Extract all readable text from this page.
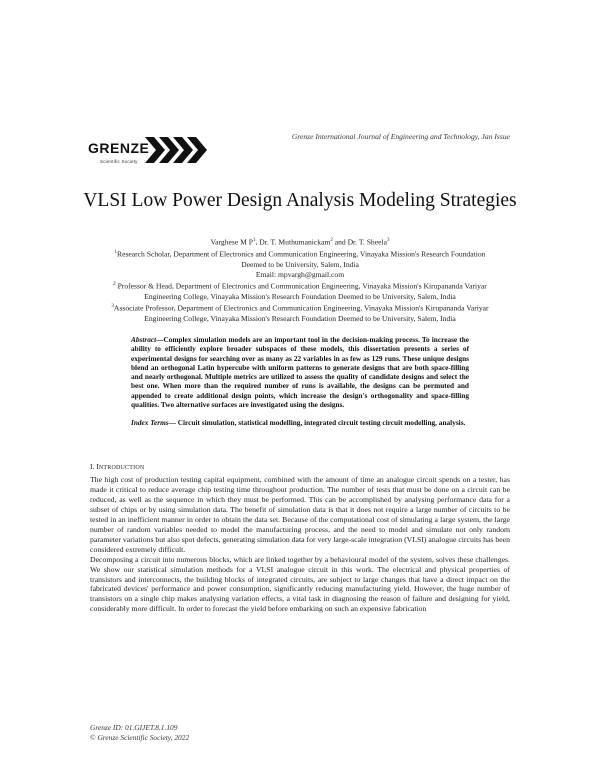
GRENZE
Scientific Society
Grenze International Journal of Engineering and Technology, Jan Issue
VLSI Low Power Design Analysis Modeling Strategies

Varghese M $P^1$, Dr. T. Muthumanickam$^2$ and Dr. T. Sheela$^3$

$^1$Research Scholar, Department of Electronics and Communication Engineering, Vinayaka Mission's Research Foundation

Deemed to be University, Salem, India

Email: mpvargh@gmail.com

$^2$ Professor & Head, Department of Electronics and Communication Engineering, Vinayaka Mission's Kirupananda Variyar

Engineering College, Vinayaka Mission's Research Foundation Deemed to be University, Salem, India

$^3$Associate Professor, Department of Electronics and Communication Engineering, Vinayaka Mission's Kirupananda Variyar

Engineering College, Vinayaka Mission's Research Foundation Deemed to be University, Salem, India

Abstract—Complex simulation models are an important tool in the decision-making process. To increase the ability to efficiently explore broader subspaces of these models, this dissertation presents a series of experimental designs for searching over as many as 22 variables in as few as 129 runs. These unique designs blend an orthogonal Latin hypercube with uniform patterns to generate designs that are both space-filling and nearly orthogonal. Multiple metrics are utilized to assess the quality of candidate designs and select the best one. When more than the required number of runs is available, the designs can be permuted and appended to create additional design points, which increase the design's orthogonality and space-filling qualities. Two alternative surfaces are investigated using the designs.

Index Terms— Circuit simulation, statistical modelling, integrated circuit testing circuit modelling, analysis.

I. INTRODUCTION

The high cost of production testing capital equipment, combined with the amount of time an analogue circuit spends on a tester, has made it critical to reduce average chip testing time throughout production. The number of tests that must be done on a circuit can be reduced, as well as the sequence in which they must be performed. This can be accomplished by analysing performance data for a subset of chips or by using simulation data. The benefit of simulation data is that it does not require a large number of circuits to be tested in an inefficient manner in order to obtain the data set. Because of the computational cost of simulating a large system, the large number of random variables needed to model the manufacturing process, and the need to model and simulate not only random parameter variations but also spot defects, generating simulation data for very large-scale integration (VLSI) analogue circuits has been considered extremely difficult.

Decomposing a circuit into numerous blocks, which are linked together by a behavioural model of the system, solves these challenges. We show our statistical simulation methods for a VLSI analogue circuit in this work. The electrical and physical properties of transistors and interconnects, the building blocks of integrated circuits, are subject to large changes that have a direct impact on the fabricated devices' performance and power consumption, significantly reducing manufacturing yield. However, the huge number of transistors on a single chip makes analysing variation effects, a vital task in diagnosing the reason of failure and designing for yield, considerably more difficult. In order to forecast the yield before embarking on such an expensive fabrication

Grenze ID: 01.GIJET.8.1.109

© Grenze Scientific Society, 2022
